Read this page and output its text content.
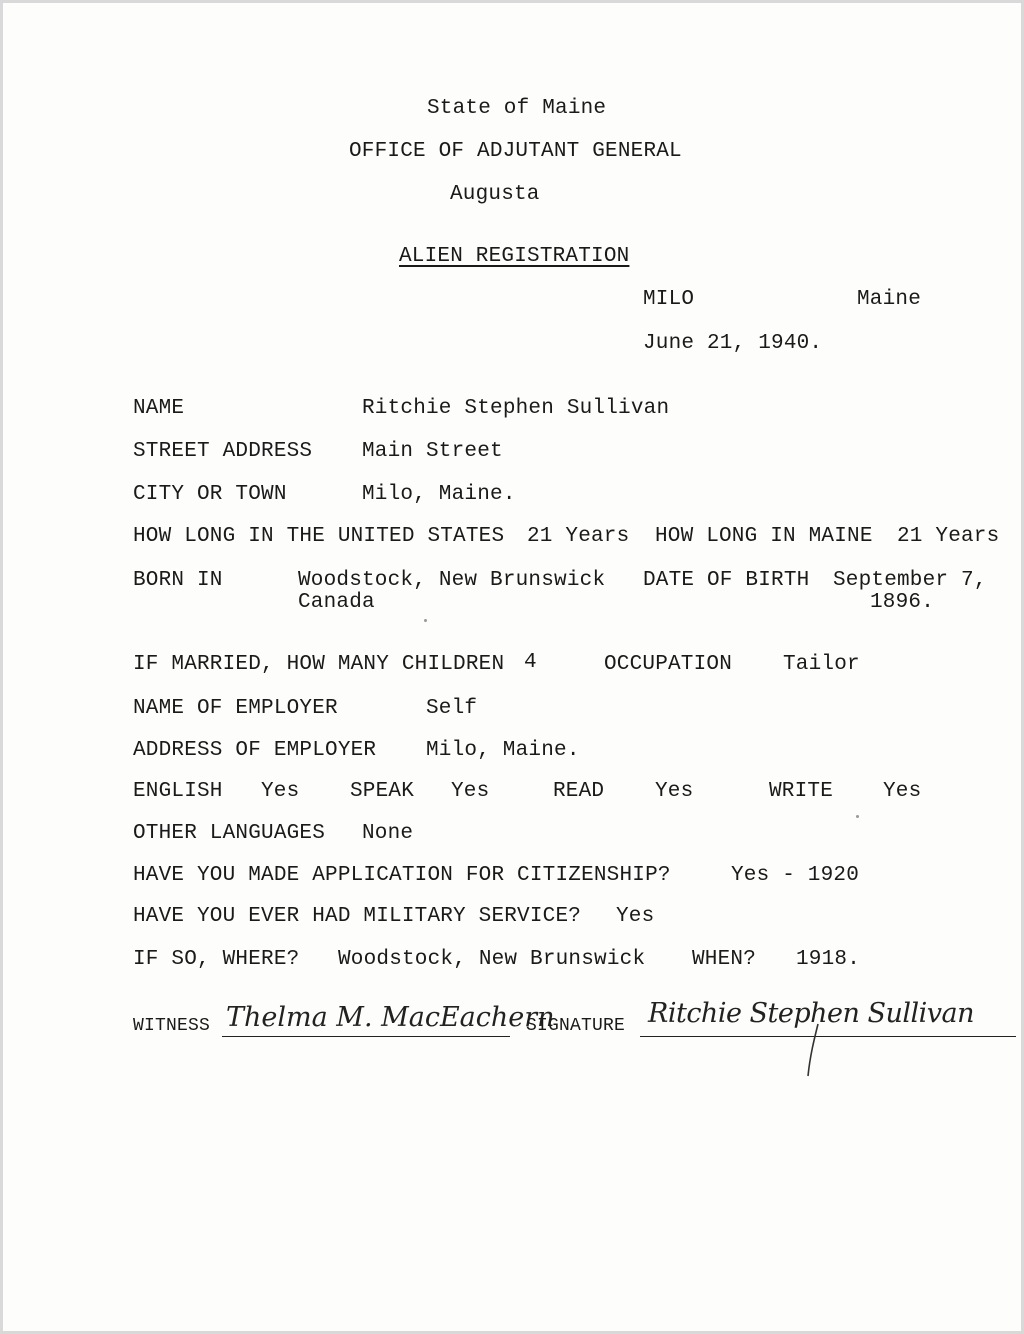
State of Maine
OFFICE OF ADJUTANT GENERAL
Augusta
ALIEN REGISTRATION
MILO	Maine
June 21, 1940.
NAME	Ritchie Stephen Sullivan
STREET ADDRESS Main Street
CITY OR TOWN	Milo, Maine.
HOW LONG IN THE UNITED STATES 21 Years HOW LONG IN MAINE 21 Years
BORN IN	Woodstock, New Brunswick
Canada
DATE OF BIRTH September 7,
1896.
IF MARRIED, HOW MANY CHILDREN 4	OCCUPATION Tailor
NAME OF EMPLOYER	Self
ADDRESS OF EMPLOYER Milo, Maine.
ENGLISH Yes SPEAK Yes	READ Yes	WRITE Yes
OTHER LANGUAGES None
HAVE YOU MADE APPLICATION FOR CITIZENSHIP?	Yes - 1920
HAVE YOU EVER HAD MILITARY SERVICE? Yes
IF SO, WHERE? Woodstock, New Brunswick WHEN? 1918.
WITNESS Thelma M. MacEachern
SIGNATURE Ritchie Stephen Sullivan
